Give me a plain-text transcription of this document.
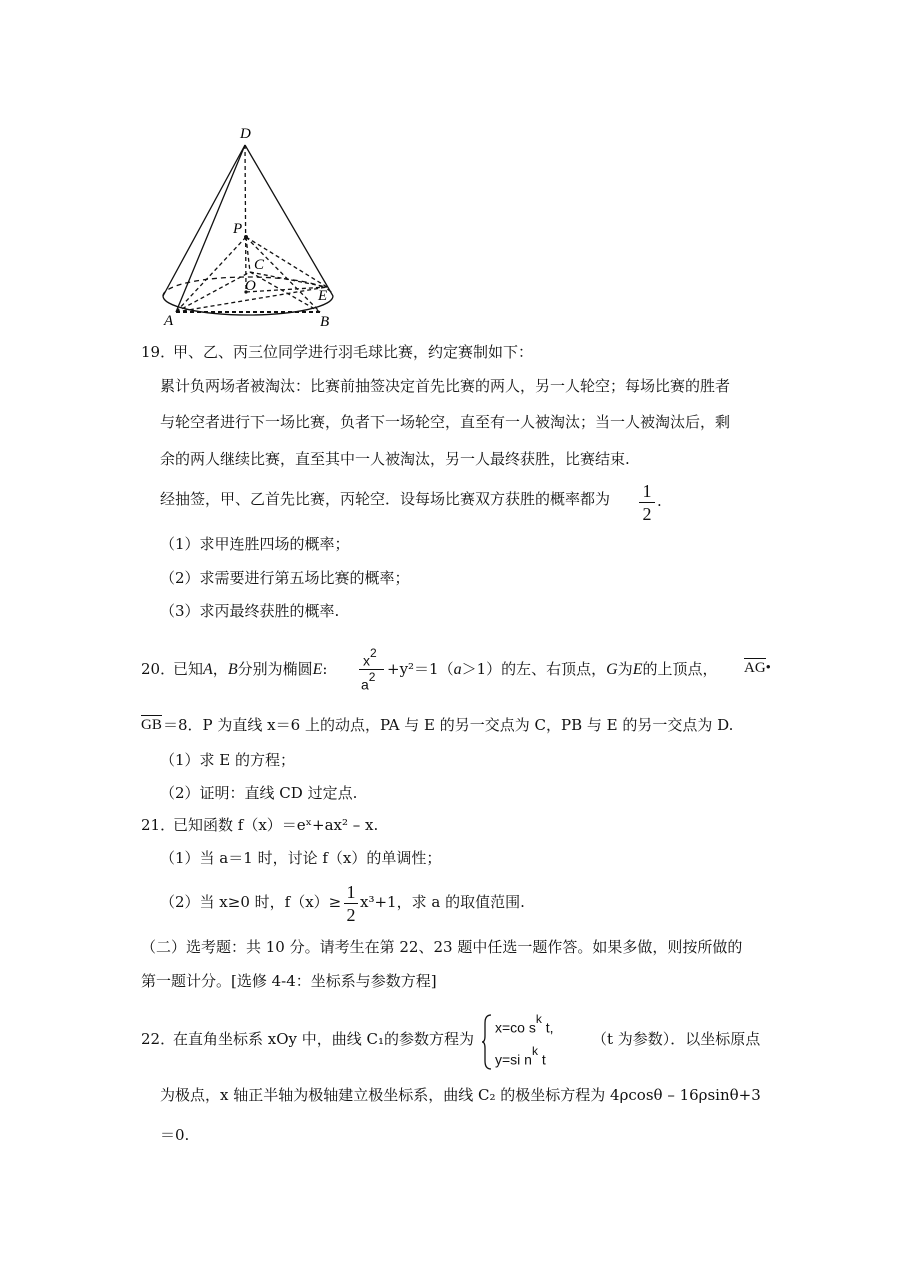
D
P
C
O
E
A	B
19．
甲、乙、丙三位同学进行羽毛球比赛，约定赛制如下：
累计负两场者被淘汰：比赛前抽签决定首先比赛的两人，另一人轮空；每场比赛的胜者
与轮空者进行下一场比赛，负者下一场轮空，直至有一人被淘汰；当一人被淘汰后，剩
余的两人继续比赛，直至其中一人被淘汰，另一人最终获胜，比赛结束.
经抽签，甲、乙首先比赛，丙轮空．设每场比赛双方获胜的概率都为 1
2
.
（1）求甲连胜四场的概率；
（2）求需要进行第五场比赛的概率；
（3）求丙最终获胜的概率.
20．
已知A，B分别为椭圆E:	$x^2$
$a^2 +y^2=1(a>1)$的左、右顶点，G为E的上顶点， AG•
GB ＝8．P 为直线 x＝6 上的动点，PA 与 E 的另一交点为 C，PB 与 E 的另一交点为 D.
（1）求 E 的方程；
（2）证明：直线 CD 过定点.
21．
已知函数 f（x）＝eˣ+ax² – x.
（1）当 a＝1 时，讨论 f（x）的单调性；
（2）当 x≥0 时，f（x）≥ 1
2
x³+1，求 a 的取值范围.
（二）选考题：共 10 分。请考生在第 22、23 题中任选一题作答。如果多做，则按所做的
第一题计分。[选修 4-4：坐标系与参数方程]
22．
在直角坐标系 xOy 中，曲线 C₁的参数方程为
x=co $s^k$ t,
y=si $n^k$ t
（t 为参数）．以坐标原点
为极点，x 轴正半轴为极轴建立极坐标系，曲线 C₂ 的极坐标方程为 4ρcosθ – 16ρsinθ+3
＝0.
